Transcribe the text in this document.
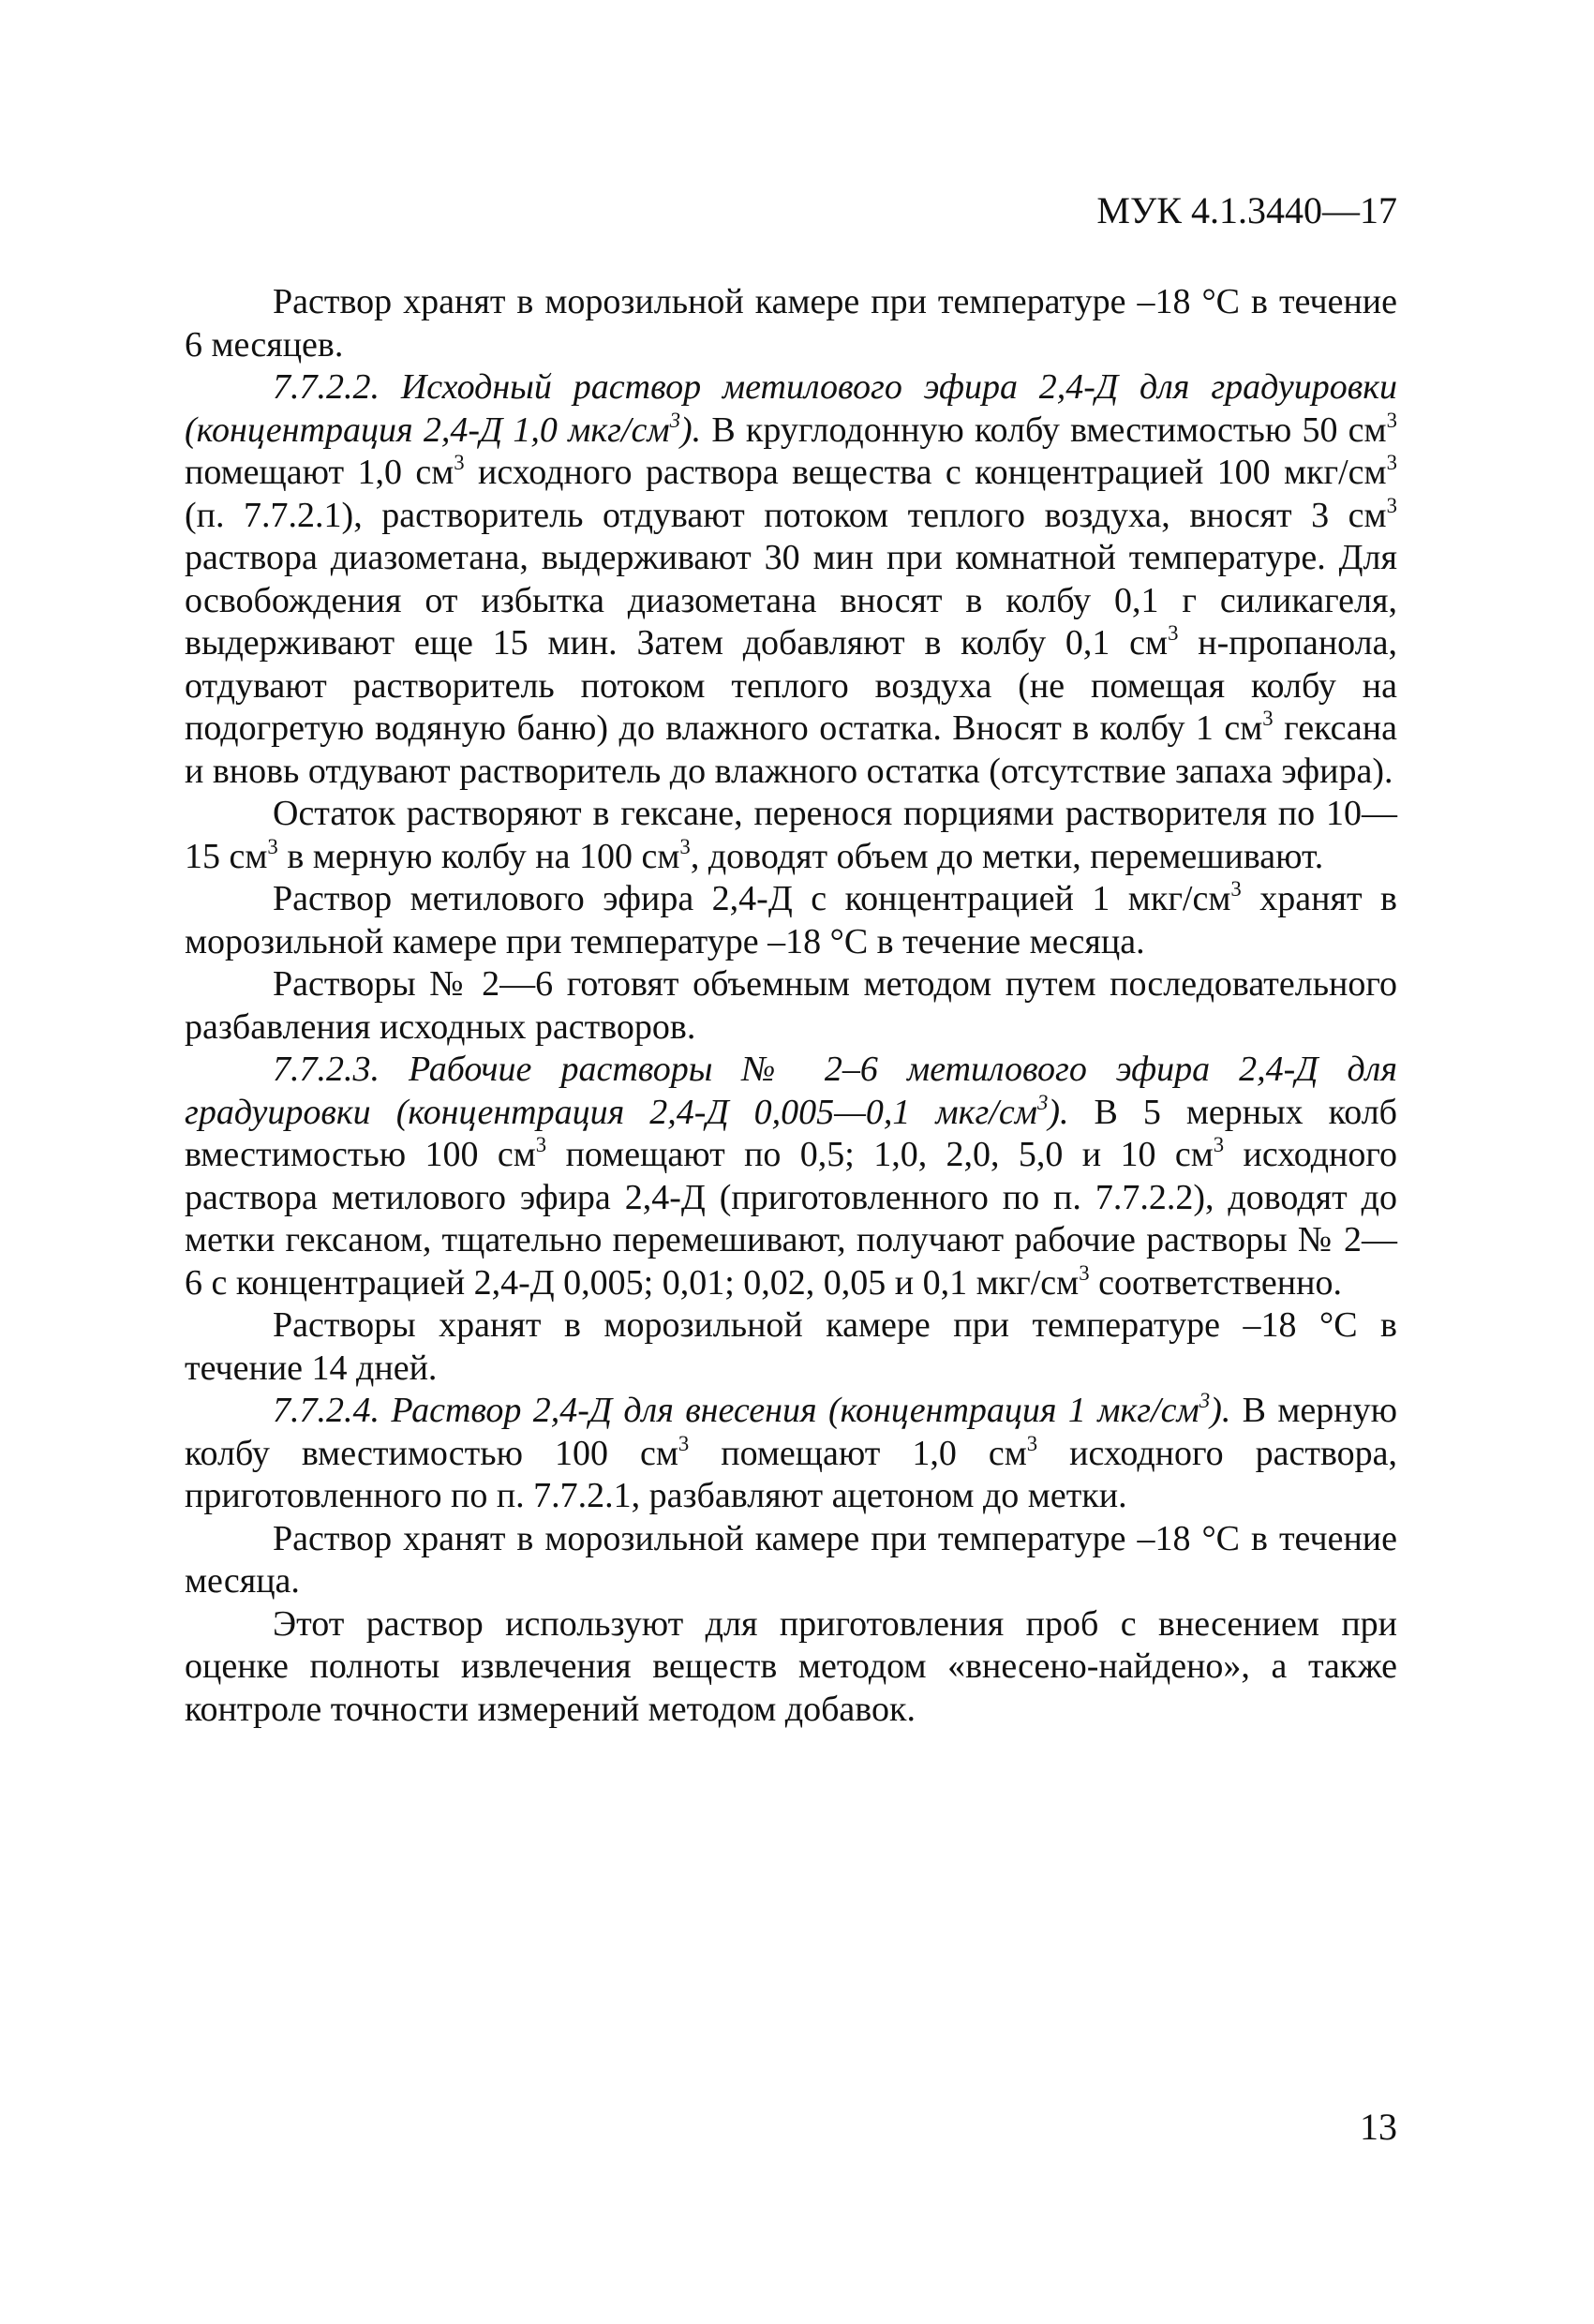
МУК 4.1.3440—17

Раствор хранят в морозильной камере при температуре –18 °С в течение 6 месяцев.

7.7.2.2. Исходный раствор метилового эфира 2,4-Д для градуировки (концентрация 2,4-Д 1,0 мкг/$см^3$). В круглодонную колбу вместимостью 50 $см^3$ помещают 1,0 $см^3$ исходного раствора вещества с концентрацией 100 мкг/$см^3$ (п. 7.7.2.1), растворитель отдувают потоком теплого воздуха, вносят 3 $см^3$ раствора диазометана, выдерживают 30 мин при комнатной температуре. Для освобождения от избытка диазометана вносят в колбу 0,1 г силикагеля, выдерживают еще 15 мин. Затем добавляют в колбу 0,1 $см^3$ н-пропанола, отдувают растворитель потоком теплого воздуха (не помещая колбу на подогретую водяную баню) до влажного остатка. Вносят в колбу 1 $см^3$ гексана и вновь отдувают растворитель до влажного остатка (отсутствие запаха эфира).

Остаток растворяют в гексане, перенося порциями растворителя по 10—15 $см^3$ в мерную колбу на 100 $см^3$, доводят объем до метки, перемешивают.

Раствор метилового эфира 2,4-Д с концентрацией 1 мкг/$см^3$ хранят в морозильной камере при температуре –18 °С в течение месяца.

Растворы № 2—6 готовят объемным методом путем последовательного разбавления исходных растворов.

7.7.2.3. Рабочие растворы № 2–6 метилового эфира 2,4-Д для градуировки (концентрация 2,4-Д 0,005—0,1 мкг/$см^3$). В 5 мерных колб вместимостью 100 $см^3$ помещают по 0,5; 1,0, 2,0, 5,0 и 10 $см^3$ исходного раствора метилового эфира 2,4-Д (приготовленного по п. 7.7.2.2), доводят до метки гексаном, тщательно перемешивают, получают рабочие растворы № 2—6 с концентрацией 2,4-Д 0,005; 0,01; 0,02, 0,05 и 0,1 мкг/$см^3$ соответственно.

Растворы хранят в морозильной камере при температуре –18 °С в течение 14 дней.

7.7.2.4. Раствор 2,4-Д для внесения (концентрация 1 мкг/$см^3$). В мерную колбу вместимостью 100 $см^3$ помещают 1,0 $см^3$ исходного раствора, приготовленного по п. 7.7.2.1, разбавляют ацетоном до метки.

Раствор хранят в морозильной камере при температуре –18 °С в течение месяца.

Этот раствор используют для приготовления проб с внесением при оценке полноты извлечения веществ методом «внесено-найдено», а также контроле точности измерений методом добавок.

13
